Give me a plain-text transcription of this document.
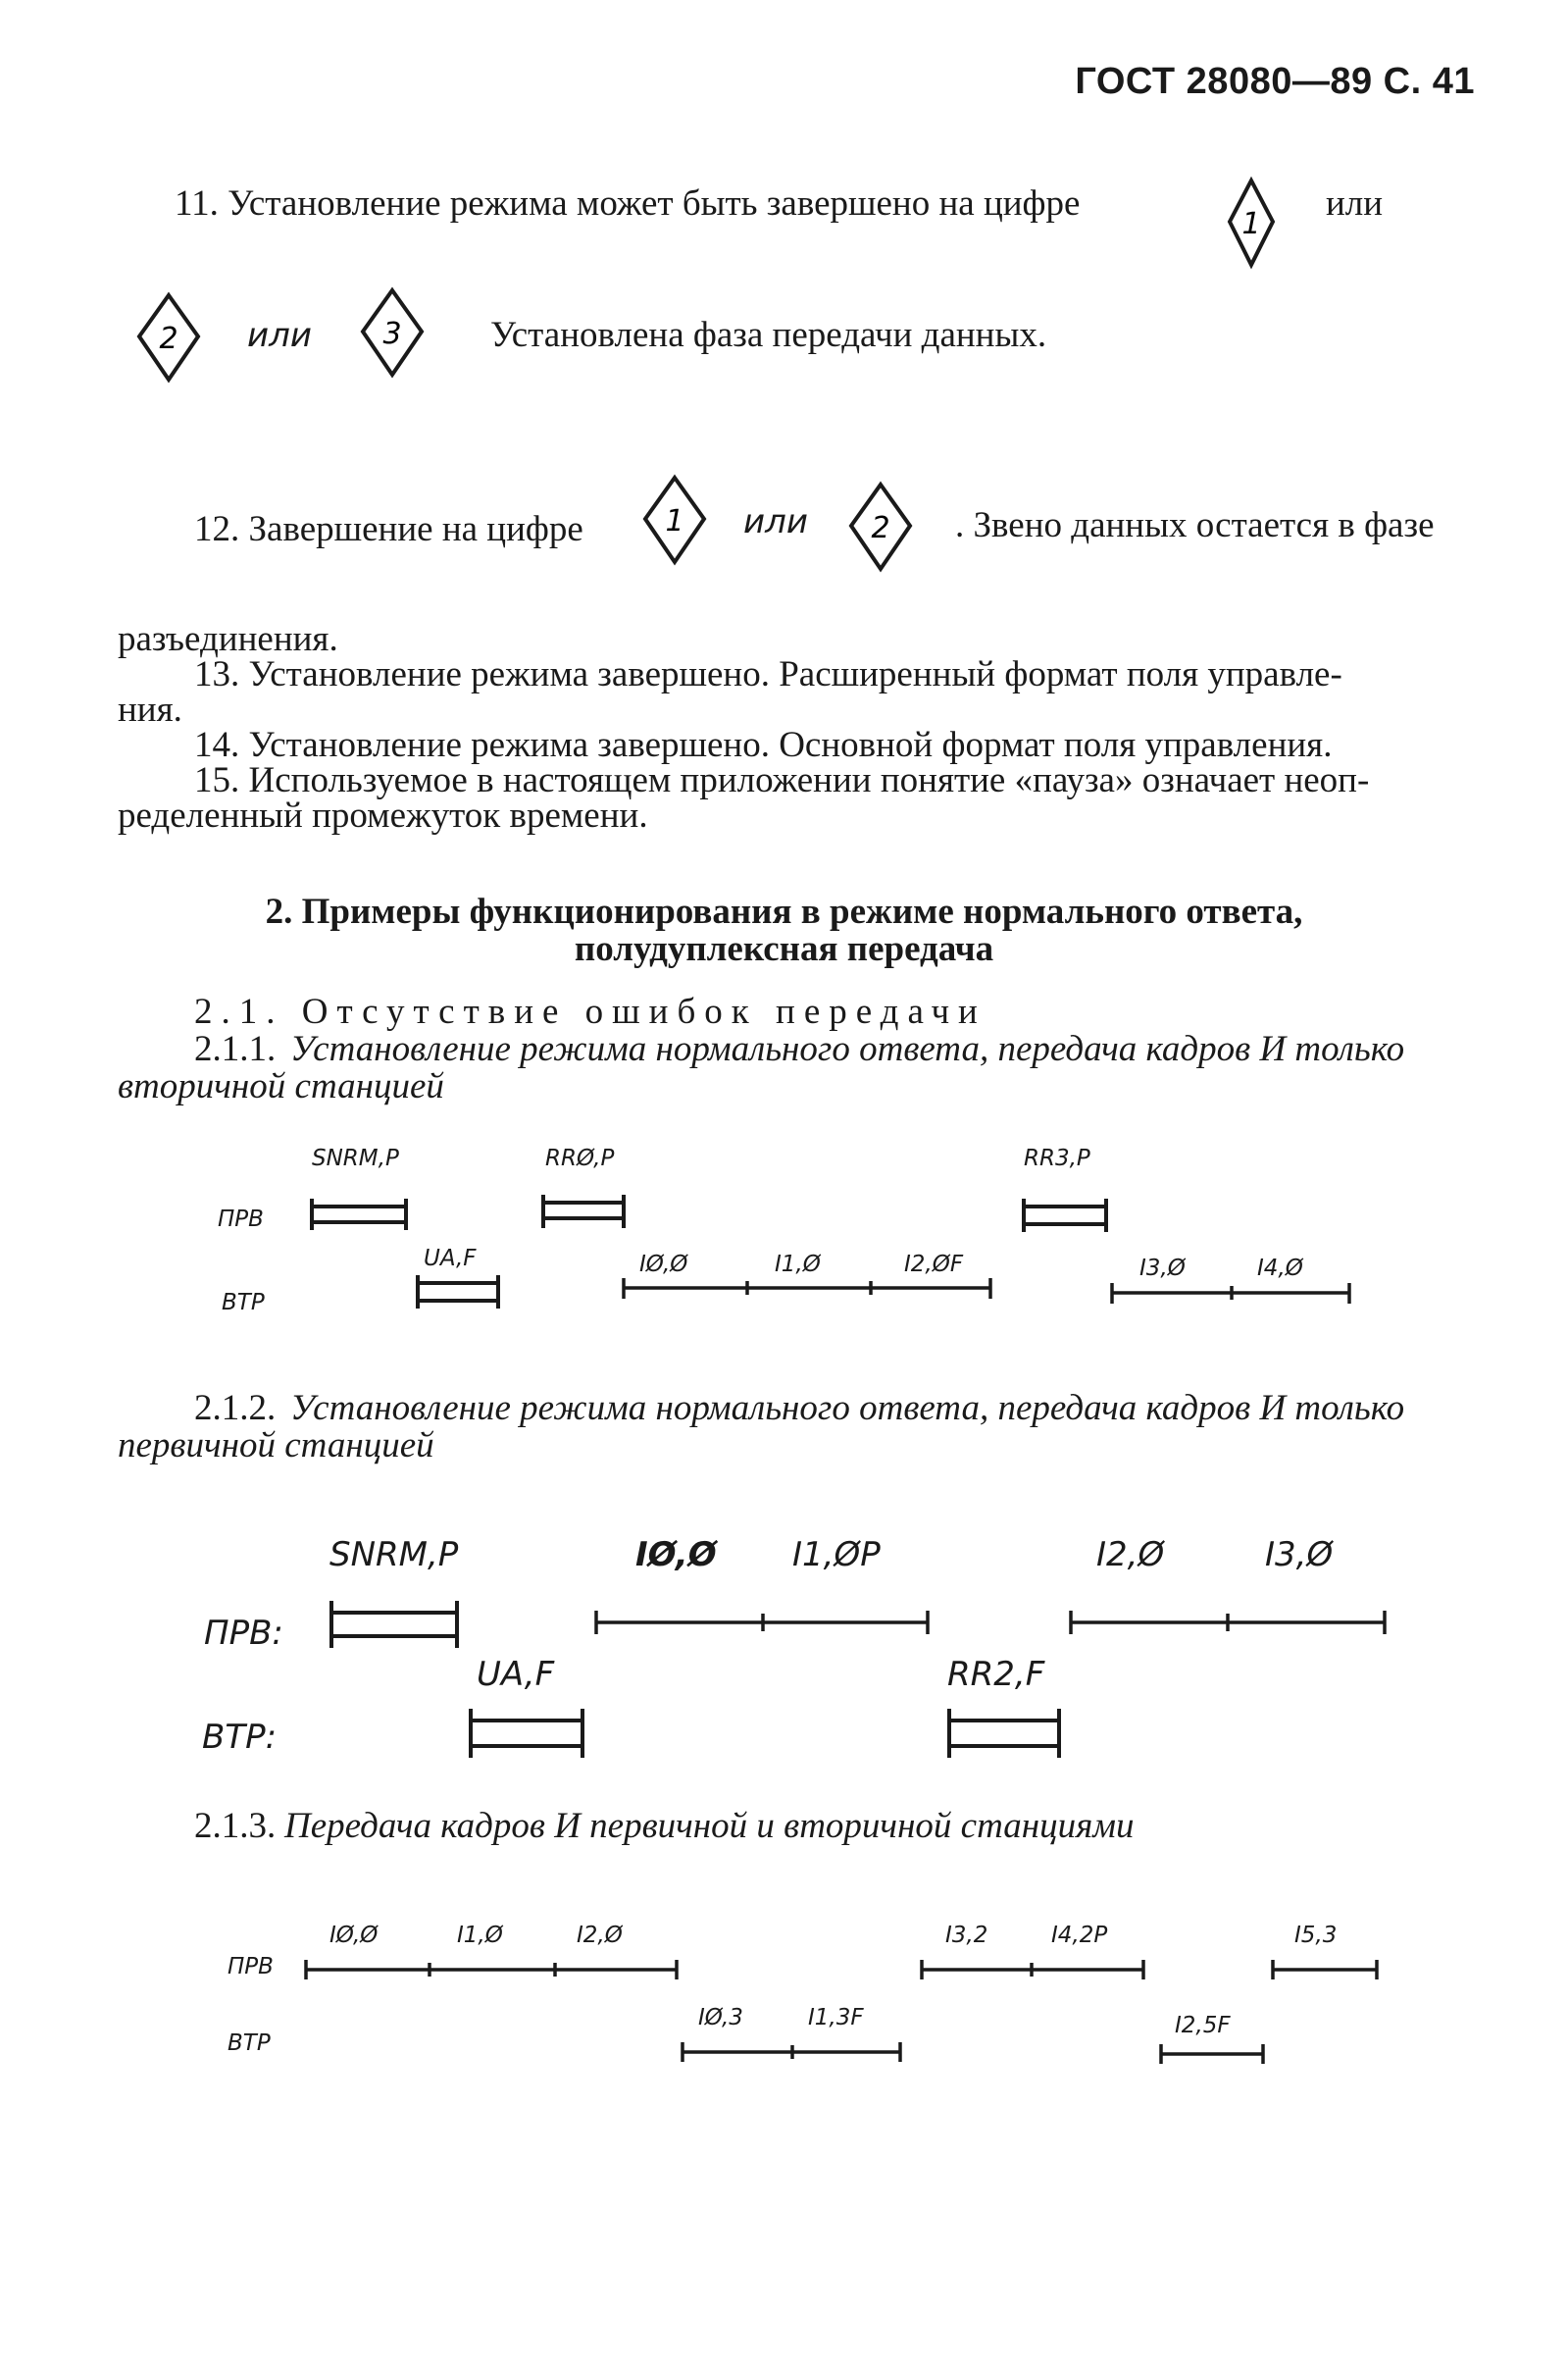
ГОСТ 28080—89 С. 41
11. Установление режима может быть завершено на цифре
1
или
2 или 3 Установлена фаза передачи данных.
12. Завершение на цифре	1 или 2 . Звено данных остается в фазе
разъединения.
13. Установление режима завершено. Расширенный формат поля управле-
ния.
14. Установление режима завершено. Основной формат поля управления.
15. Используемое в настоящем приложении понятие «пауза» означает неоп-
ределенный промежуток времени.
2. Примеры функционирования в режиме нормального ответа,
полудуплексная передача
2.1. Отсутствие ошибок передачи
2.1.1. Установление режима нормального ответа, передача кадров И только
вторичной станцией
2.1.2. Установление режима нормального ответа, передача кадров И только
первичной станцией
2.1.3. Передача кадров И первичной и вторичной станциями
ПРВ
ВТР
SNRM,P	RRØ,P	RR3,P
UA,F	IØ,Ø	I1,Ø	I2,ØF	I3,Ø	I4,Ø
ПРВ:
ВТР:
SNRM,P	IØ,Ø I1,ØP	I2,Ø	I3,Ø
UA,F	RR2,F
ПРВ
ВТР
IØ,Ø	I1,Ø	I2,Ø	I3,2	I4,2P	I5,3
IØ,3	I1,3F	I2,5F
